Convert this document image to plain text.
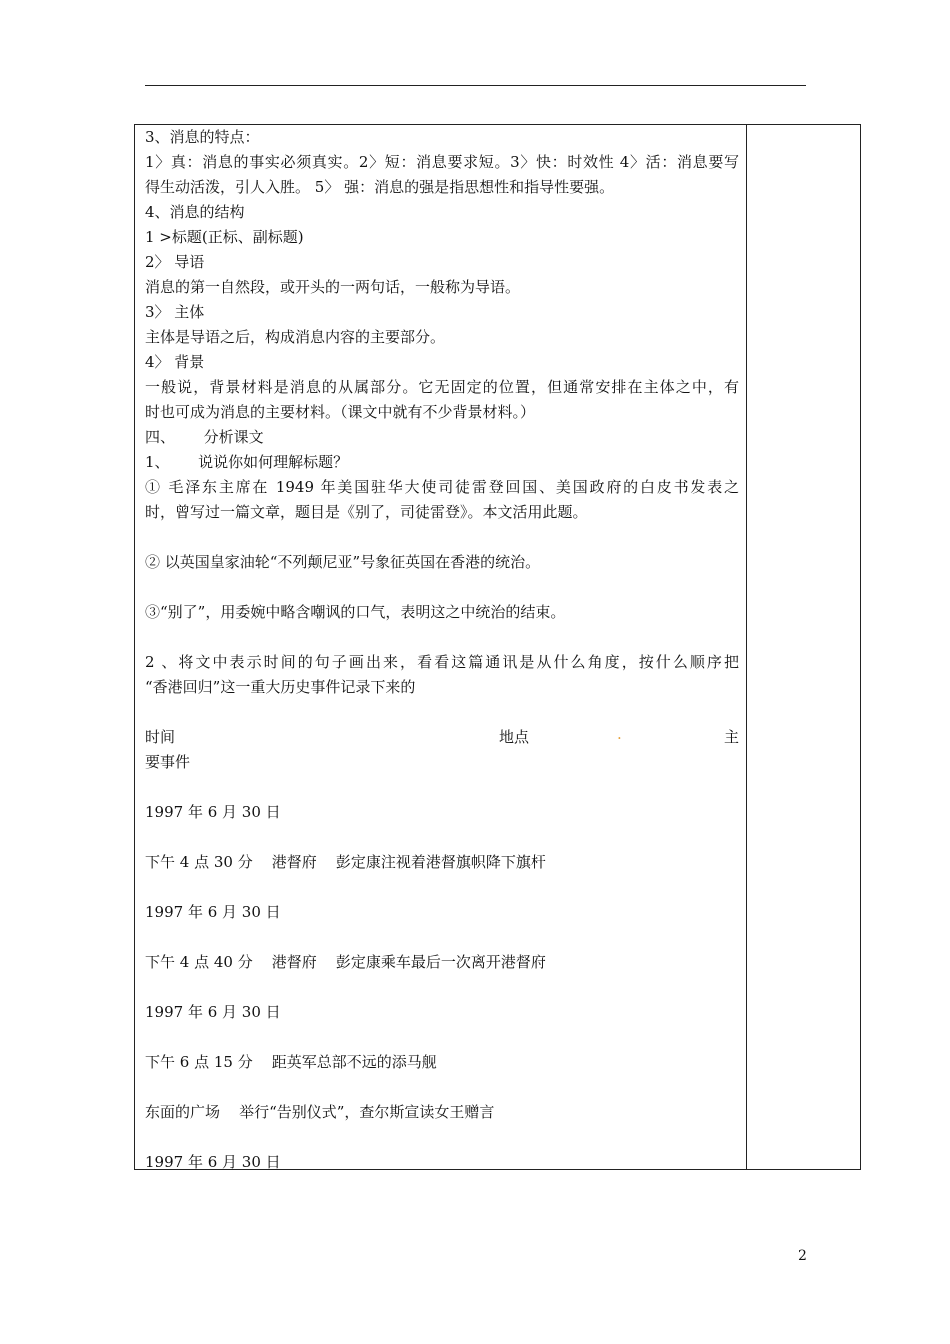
3、消息的特点：
1〉真：消息的事实必须真实。2〉短：消息要求短。3〉快：时效性 4〉活：消息要写
得生动活泼，引人入胜。 5〉 强：消息的强是指思想性和指导性要强。
4、消息的结构
1 >标题(正标、副标题)
2〉 导语
消息的第一自然段，或开头的一两句话，一般称为导语。
3〉 主体
主体是导语之后，构成消息内容的主要部分。
4〉 背景
一般说，背景材料是消息的从属部分。它无固定的位置，但通常安排在主体之中，有
时也可成为消息的主要材料。（课文中就有不少背景材料。）
四、      分析课文
1、      说说你如何理解标题？
① 毛泽东主席在 1949 年美国驻华大使司徒雷登回国、美国政府的白皮书发表之
时，曾写过一篇文章，题目是《别了，司徒雷登》。本文活用此题。
② 以英国皇家油轮“不列颠尼亚”号象征英国在香港的统治。
③“别了”，用委婉中略含嘲讽的口气，表明这之中统治的结束。
2 、将文中表示时间的句子画出来，看看这篇通讯是从什么角度，按什么顺序把
“香港回归”这一重大历史事件记录下来的
时间	地点	.	主
要事件
1997 年 6 月 30 日
下午 4 点 30 分    港督府    彭定康注视着港督旗帜降下旗杆
1997 年 6 月 30 日
下午 4 点 40 分    港督府    彭定康乘车最后一次离开港督府
1997 年 6 月 30 日
下午 6 点 15 分    距英军总部不远的添马舰
东面的广场    举行“告别仪式”，查尔斯宣读女王赠言
1997 年 6 月 30 日
2
